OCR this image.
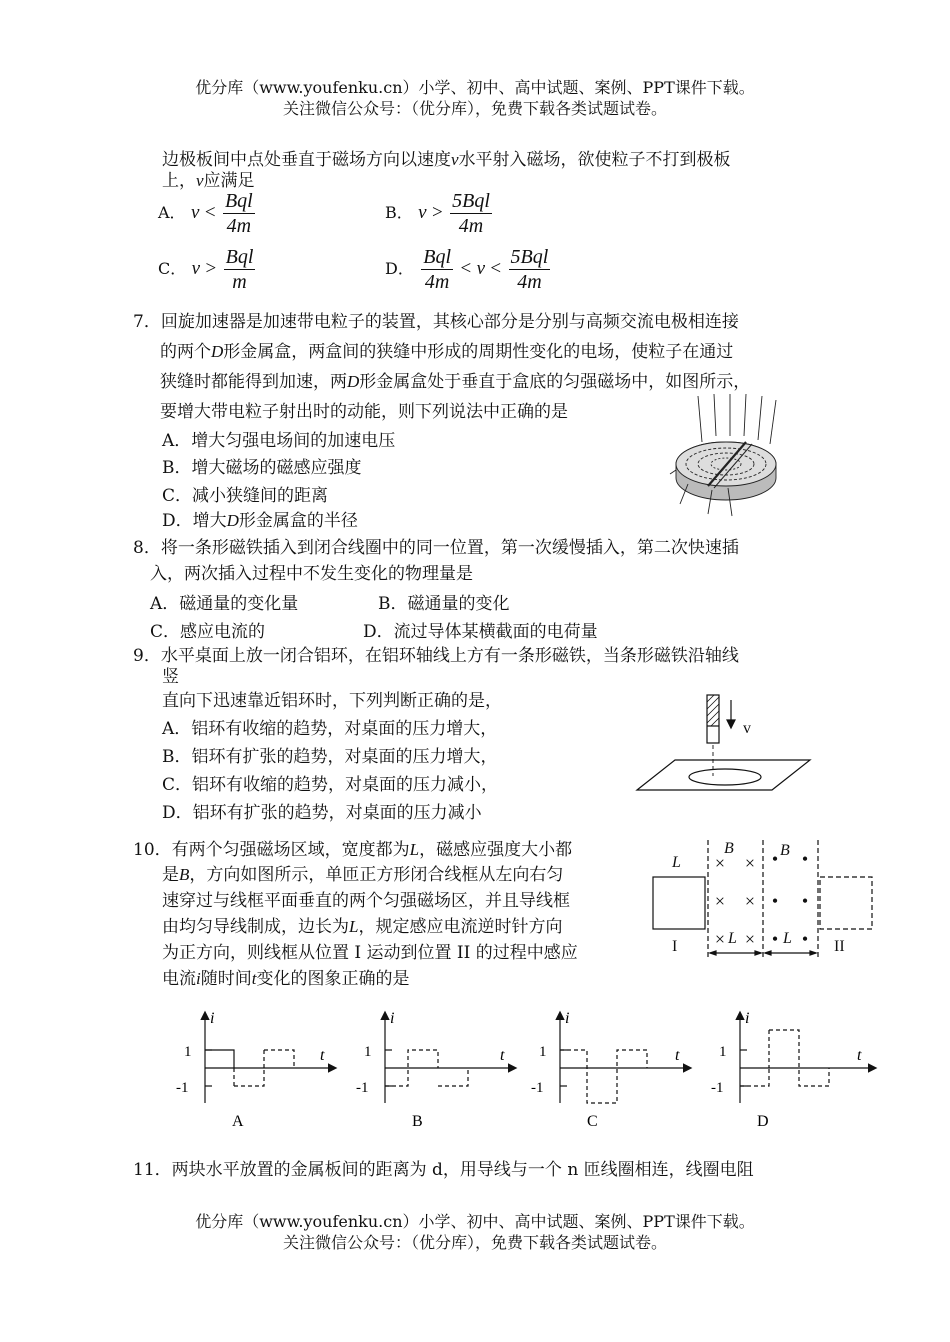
优分库（www.youfenku.cn）小学、初中、高中试题、案例、PPT课件下载。
关注微信公众号：（优分库），免费下载各类试题试卷。
边极板间中点处垂直于磁场方向以速度v水平射入磁场，欲使粒子不打到极板
上，v应满足
A． $v < \frac{\text{Bql}}{4m}$	B． $v > \frac{\text{5Bql}}{4m}$
C． $v > \frac{\text{Bql}}{m}$	D． $\frac{\text{Bql}}{4m} < v < \frac{\text{5Bql}}{4m}$
7．回旋加速器是加速带电粒子的装置，其核心部分是分别与高频交流电极相连接
的两个D形金属盒，两盒间的狭缝中形成的周期性变化的电场，使粒子在通过
狭缝时都能得到加速，两D形金属盒处于垂直于盒底的匀强磁场中，如图所示，
要增大带电粒子射出时的动能，则下列说法中正确的是
A．增大匀强电场间的加速电压
B．增大磁场的磁感应强度
C．减小狭缝间的距离
D．增大D形金属盒的半径
8．将一条形磁铁插入到闭合线圈中的同一位置，第一次缓慢插入，第二次快速插
入，两次插入过程中不发生变化的物理量是
A．磁通量的变化量	B．磁通量的变化
C．感应电流的	D．流过导体某横截面的电荷量
9．水平桌面上放一闭合铝环，在铝环轴线上方有一条形磁铁，当条形磁铁沿轴线
竖
直向下迅速靠近铝环时，下列判断正确的是，
A．铝环有收缩的趋势，对桌面的压力增大，
B．铝环有扩张的趋势，对桌面的压力增大，
C．铝环有收缩的趋势，对桌面的压力减小，
D．铝环有扩张的趋势，对桌面的压力减小
v
10．有两个匀强磁场区域，宽度都为L，磁感应强度大小都
是B，方向如图所示，单匝正方形闭合线框从左向右匀
速穿过与线框平面垂直的两个匀强磁场区，并且导线框
由均匀导线制成，边长为L，规定感应电流逆时针方向
为正方向，则线框从位置 I 运动到位置 II 的过程中感应
电流i随时间t变化的图象正确的是
× ×
× ×
× ×
• •
• •
• •
L
B	B
L	L
I	II
i
t
1
-1
A
i
t
1
-1
B
i
t
1
-1
C
i
t
1
-1
D
11．两块水平放置的金属板间的距离为 d，用导线与一个 n 匝线圈相连，线圈电阻
优分库（www.youfenku.cn）小学、初中、高中试题、案例、PPT课件下载。
关注微信公众号：（优分库），免费下载各类试题试卷。
